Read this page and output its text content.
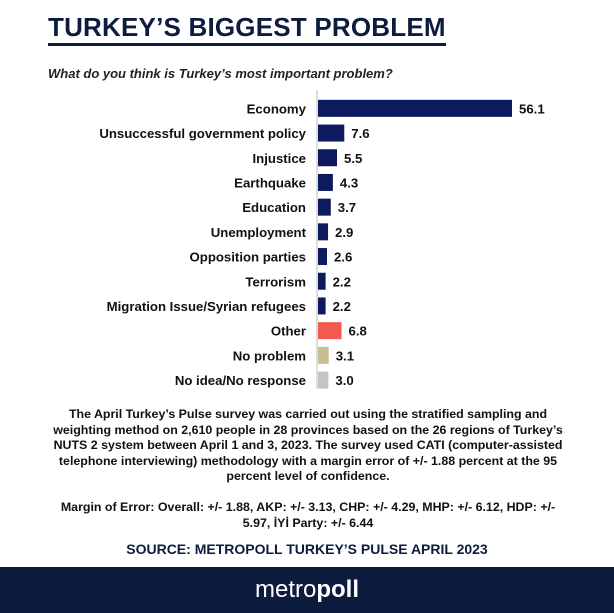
TURKEY’S BIGGEST PROBLEM
What do you think is Turkey’s most important problem?
Economy	56.1
Unsuccessful government policy	7.6
Injustice	5.5
Earthquake	4.3
Education 3.7
Unemployment 2.9
Opposition parties 2.6
Terrorism 2.2
Migration Issue/Syrian refugees 2.2
Other	6.8
No problem 3.1
No idea/No response 3.0
The April Turkey’s Pulse survey was carried out using the stratified sampling and weighting method on 2,610 people in 28 provinces based on the 26 regions of Turkey’s NUTS 2 system between April 1 and 3, 2023. The survey used CATI (computer-assisted telephone interviewing) methodology with a margin error of +/- 1.88 percent at the 95 percent level of confidence.
Margin of Error: Overall: +/- 1.88, AKP: +/- 3.13, CHP: +/- 4.29, MHP: +/- 6.12, HDP: +/- 5.97, İYİ Party: +/- 6.44
SOURCE: METROPOLL TURKEY’S PULSE APRIL 2023
metropoll
